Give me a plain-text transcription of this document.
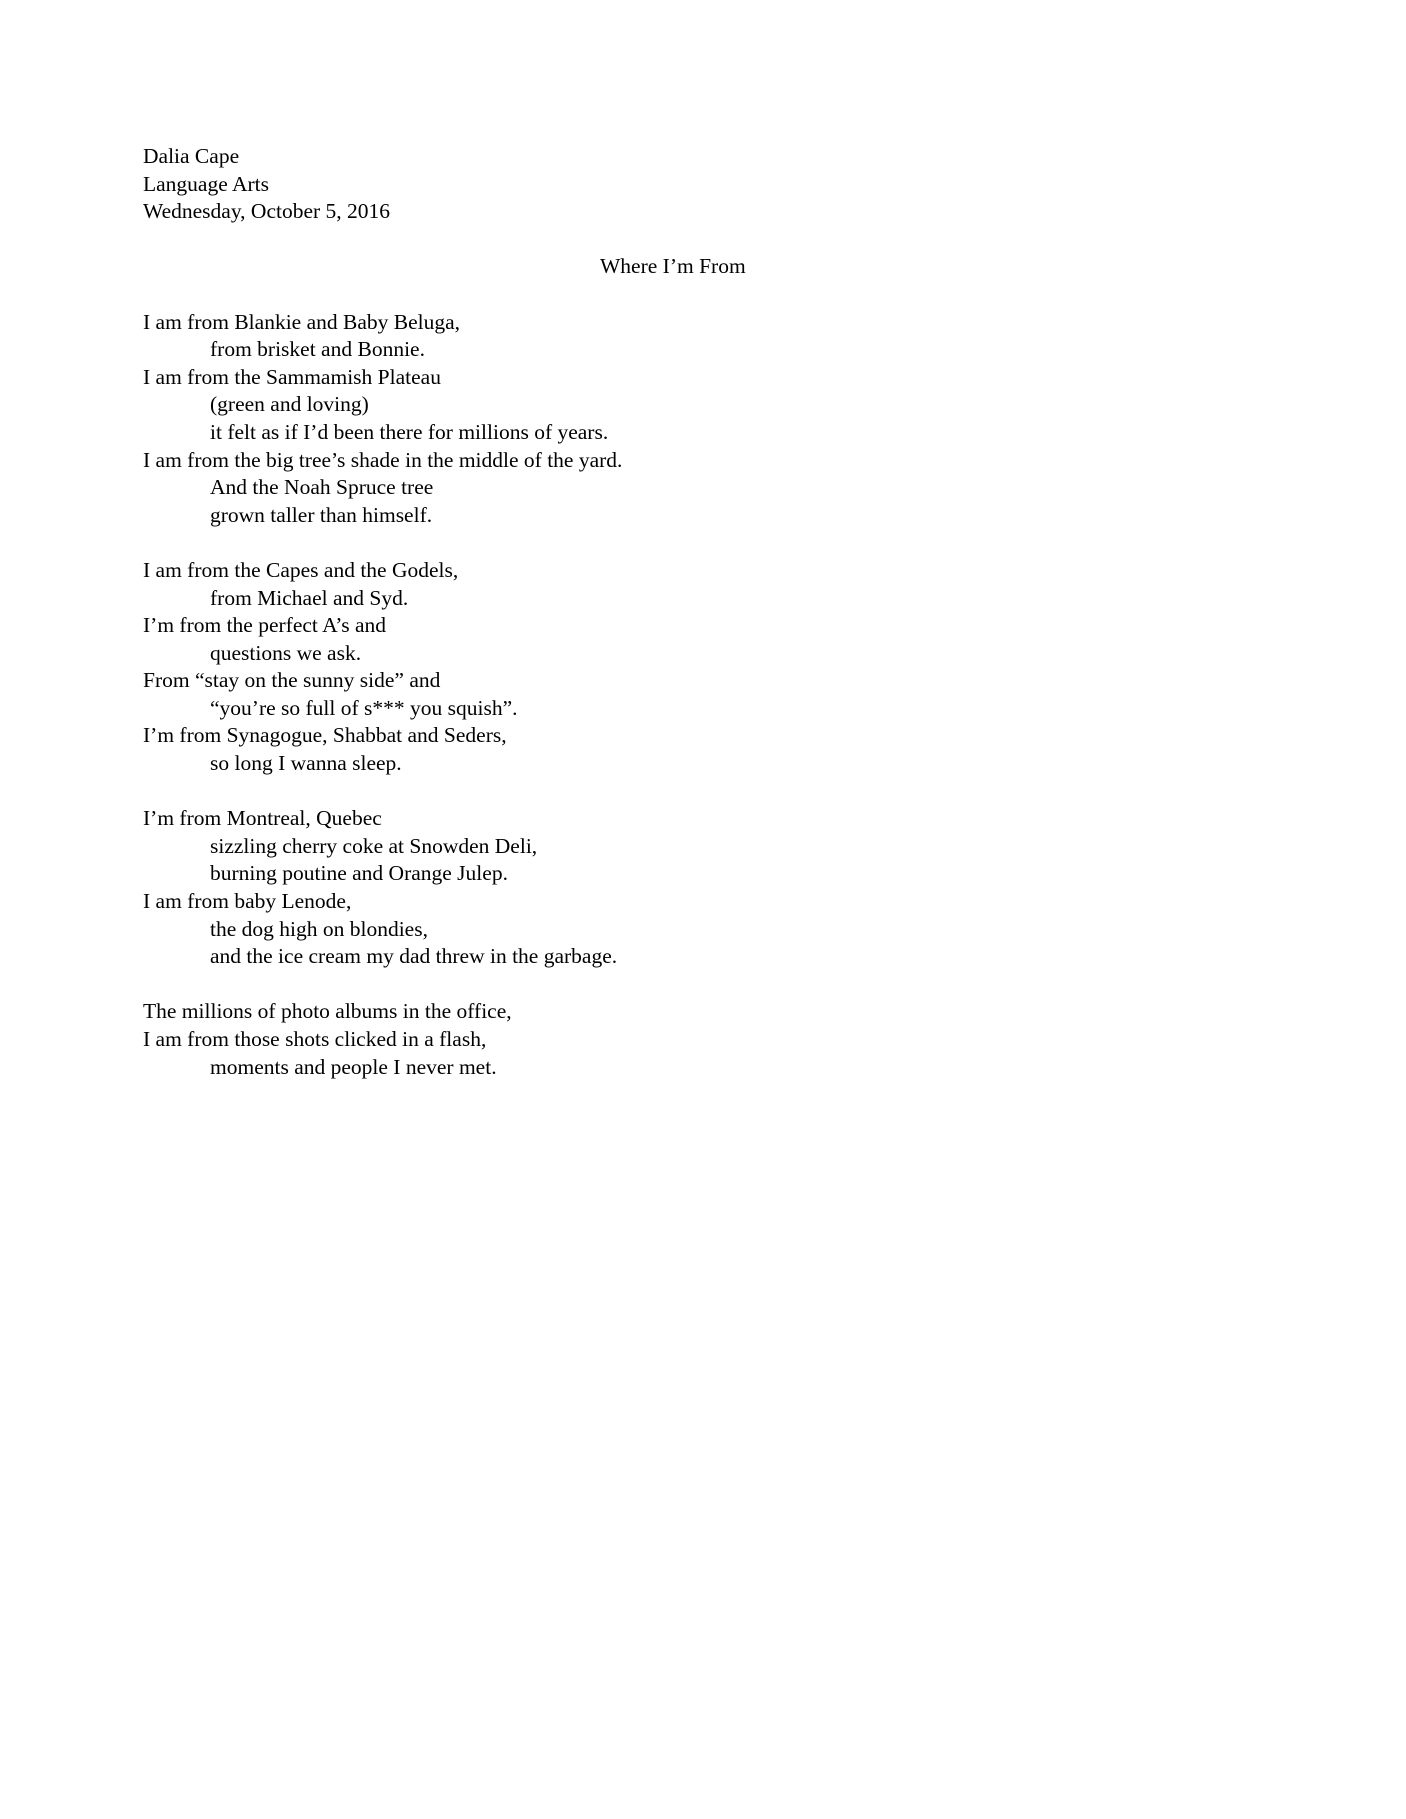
Dalia Cape
Language Arts
Wednesday, October 5, 2016

Where I’m From

I am from Blankie and Baby Beluga,
from brisket and Bonnie.
I am from the Sammamish Plateau
(green and loving)
it felt as if I’d been there for millions of years.
I am from the big tree’s shade in the middle of the yard.
And the Noah Spruce tree
grown taller than himself.

I am from the Capes and the Godels,
from Michael and Syd.
I’m from the perfect A’s and
questions we ask.
From “stay on the sunny side” and
“you’re so full of s*** you squish”.
I’m from Synagogue, Shabbat and Seders,
so long I wanna sleep.

I’m from Montreal, Quebec
sizzling cherry coke at Snowden Deli,
burning poutine and Orange Julep.
I am from baby Lenode,
the dog high on blondies,
and the ice cream my dad threw in the garbage.

The millions of photo albums in the office,
I am from those shots clicked in a flash,
moments and people I never met.
